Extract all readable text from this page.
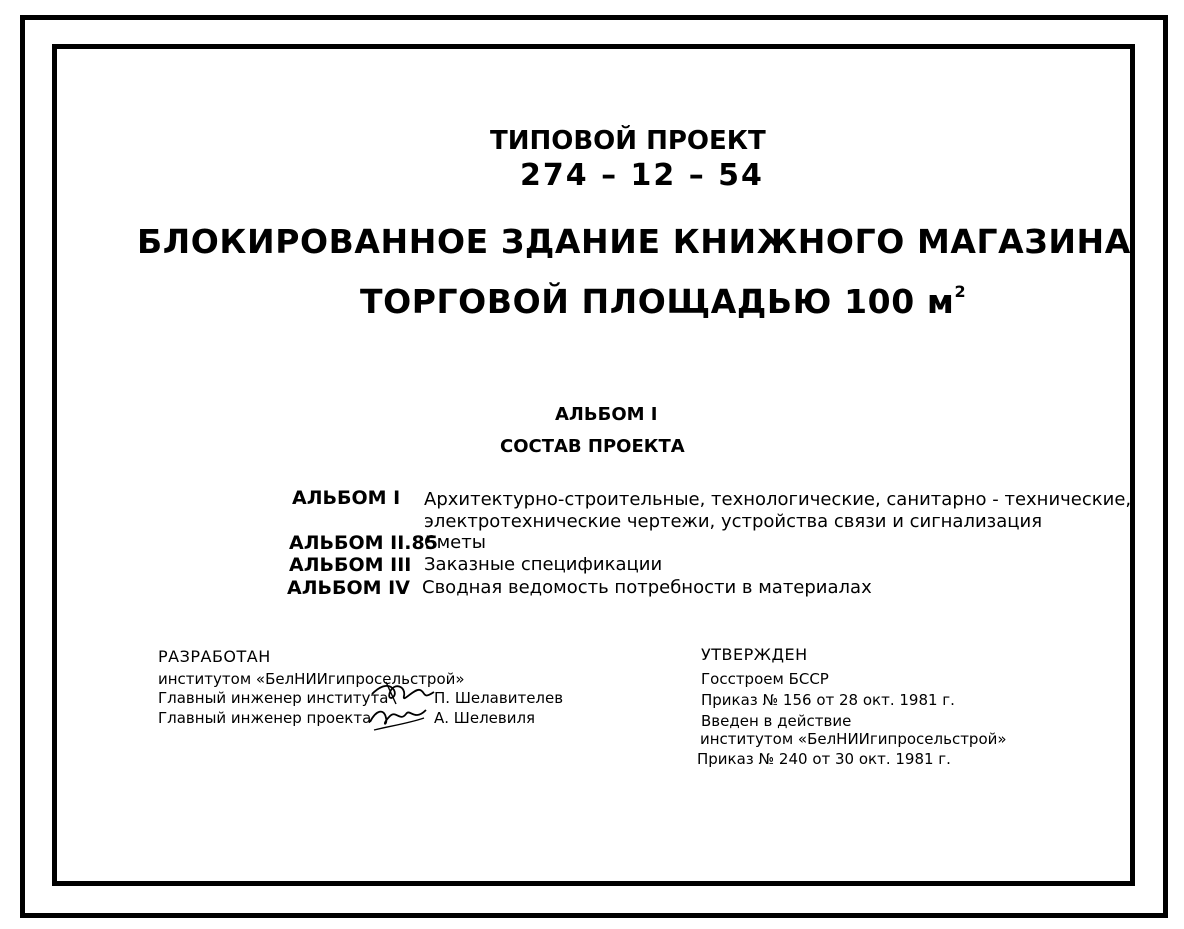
ТИПОВОЙ ПРОЕКТ
274 – 12 – 54
БЛОКИРОВАННОЕ ЗДАНИЕ КНИЖНОГО МАГАЗИНА
ТОРГОВОЙ ПЛОЩАДЬЮ 100 $м^2$
АЛЬБОМ I
СОСТАВ ПРОЕКТА
АЛЬБОМ I Архитектурно-строительные, технологические, санитарно - технические,
электротехнические чертежи, устройства связи и сигнализация
АЛЬБОМ II.85
Сметы
АЛЬБОМ III Заказные спецификации
АЛЬБОМ IV Сводная ведомость потребности в материалах
РАЗРАБОТАН
институтом «БелНИИгипросельстрой»
Главный инженер института	П. Шелавителев
Главный инженер проекта	А. Шелевиля
УТВЕРЖДЕН
Госстроем БССР
Приказ № 156 от 28 окт. 1981 г.
Введен в действие
институтом «БелНИИгипросельстрой»
Приказ № 240 от 30 окт. 1981 г.
